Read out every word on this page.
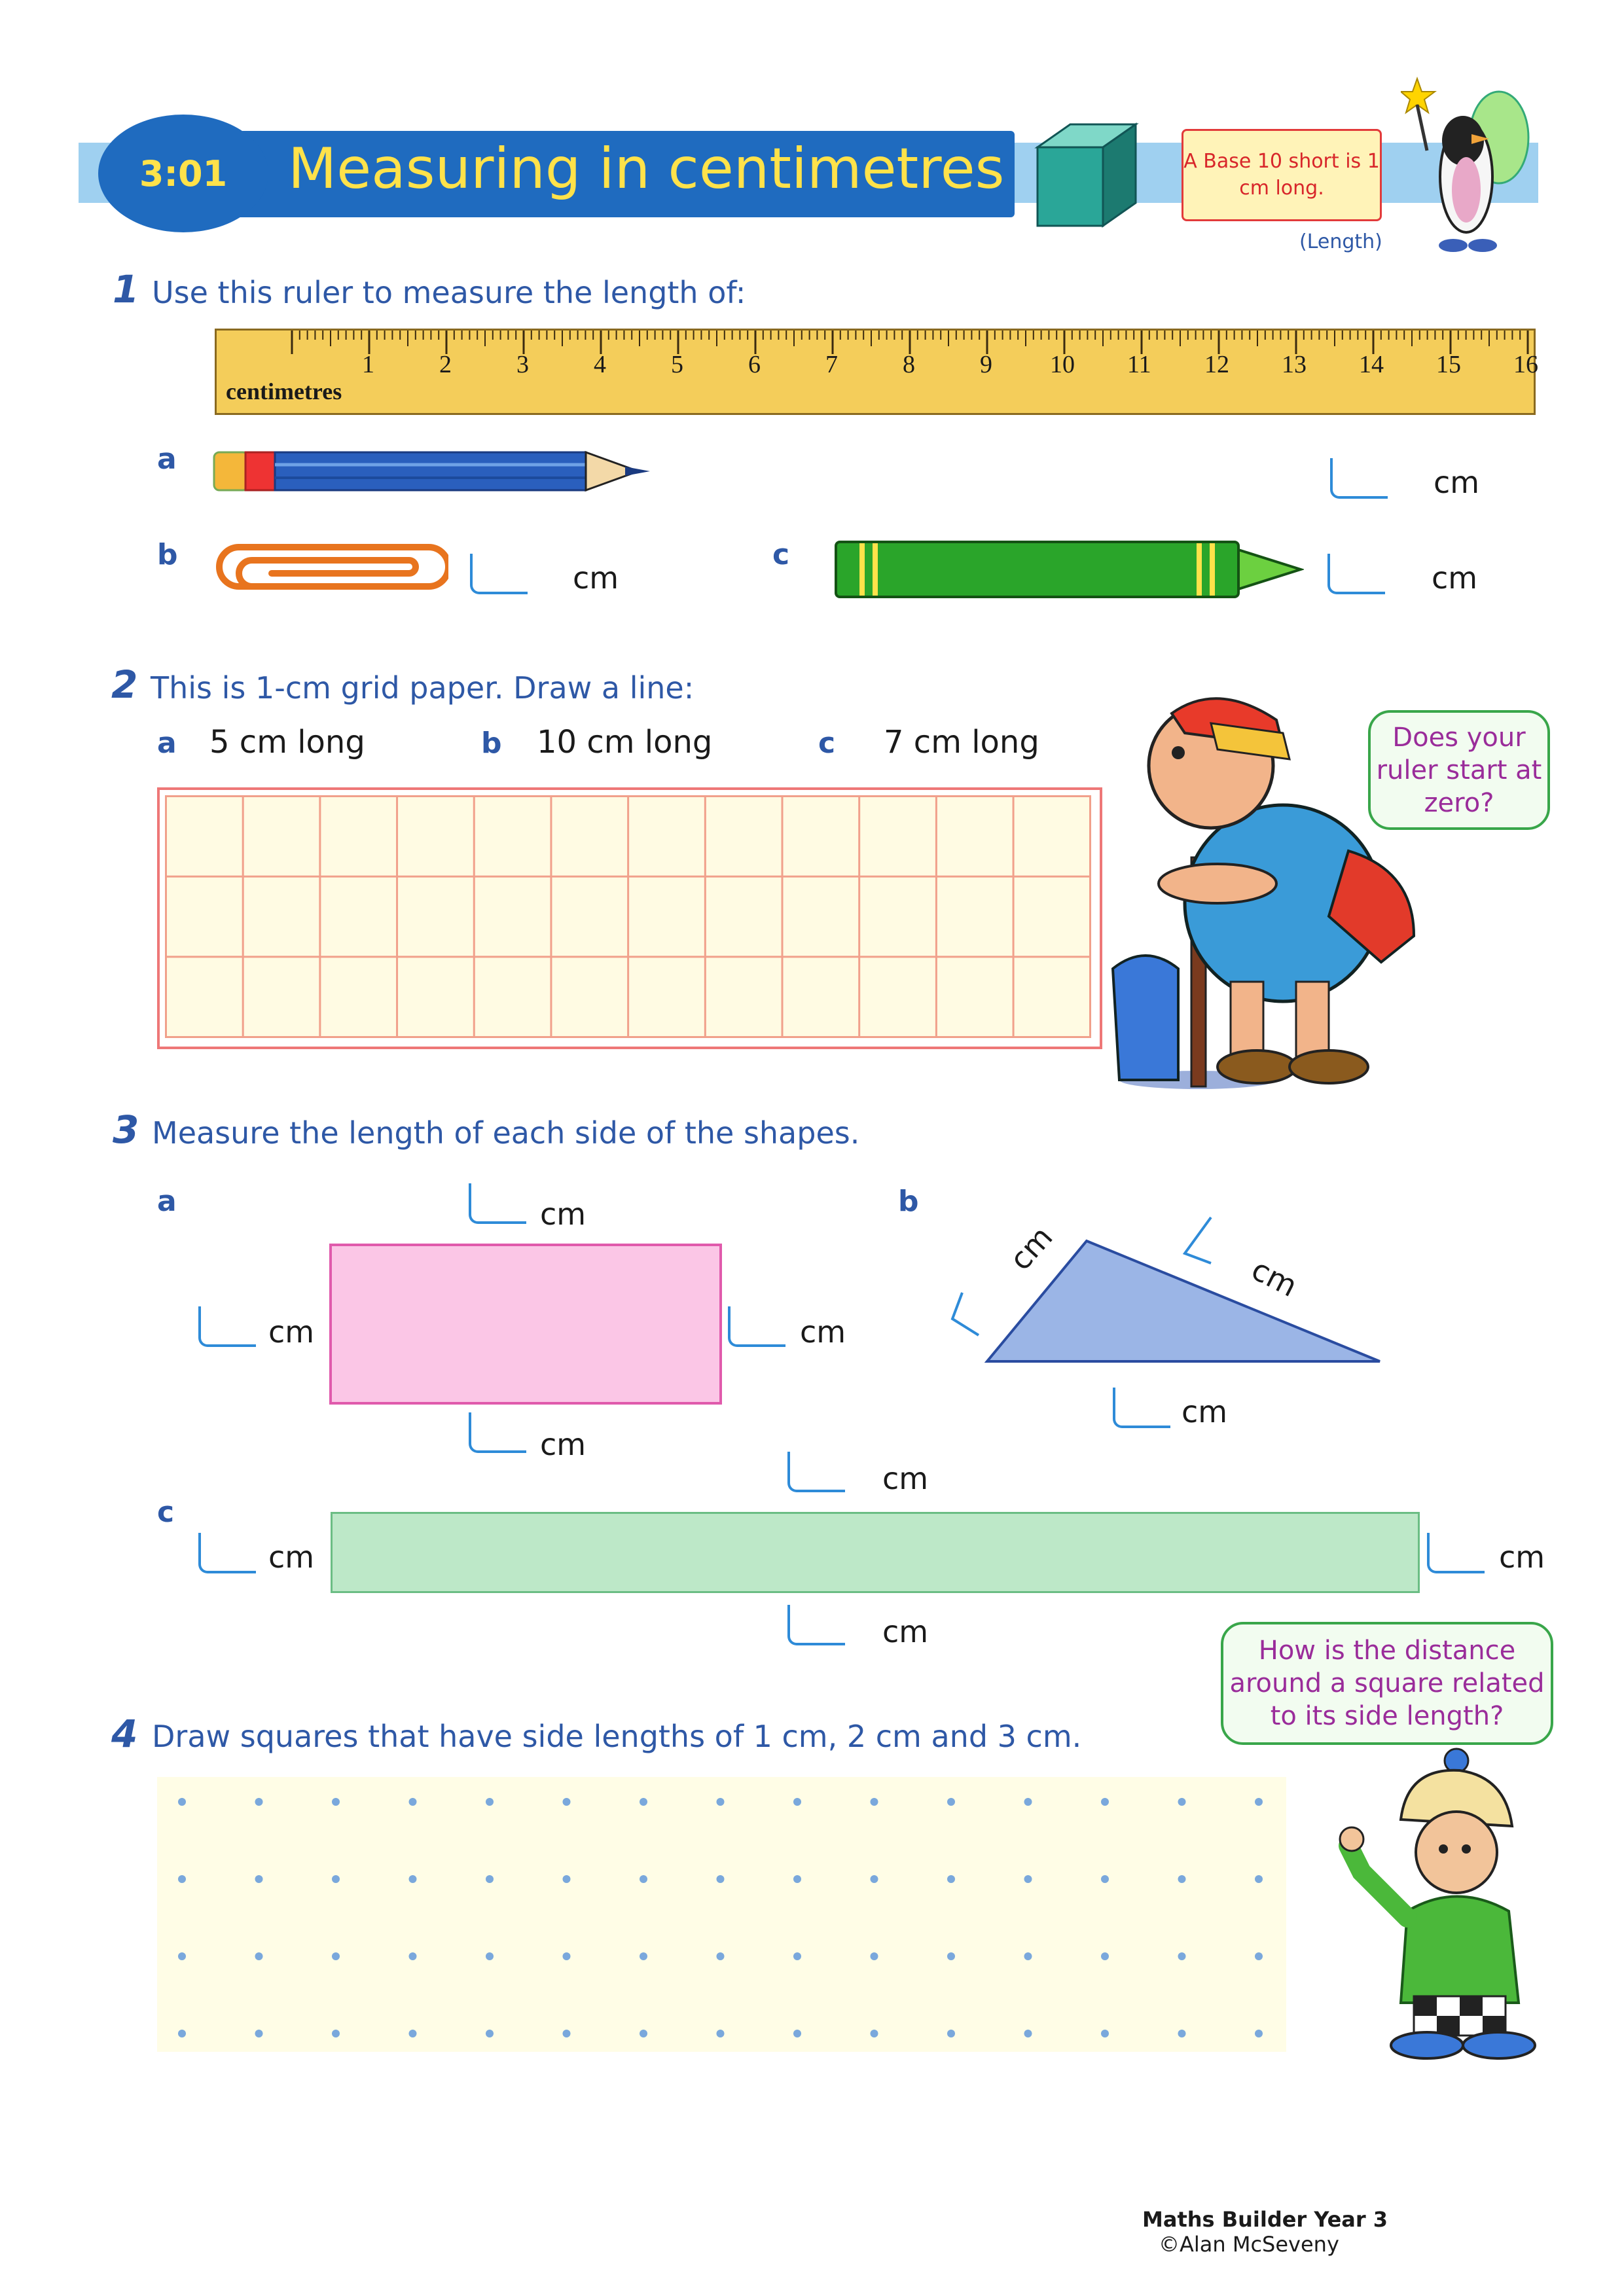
3:01	Measuring in centimetres	A Base 10 short is 1 cm long.
(Length)
1 Use this ruler to measure the length of:
centimetres
1	2	3	4	5	6	7	8	9 10 11 12 13 14 15 16
a
cm
b
cm
c
cm
2 This is 1-cm grid paper. Draw a line:
a 5 cm long	b 10 cm long	c 7 cm long	Does your ruler start at zero?
3 Measure the length of each side of the shapes.
a	cm
cm	cm
cm
b
cm
cm
cm
c
cm
cm	cm
cm
How is the distance around a square related to its side length?
4 Draw squares that have side lengths of 1 cm, 2 cm and 3 cm.
Maths Builder Year 3
©Alan McSeveny
